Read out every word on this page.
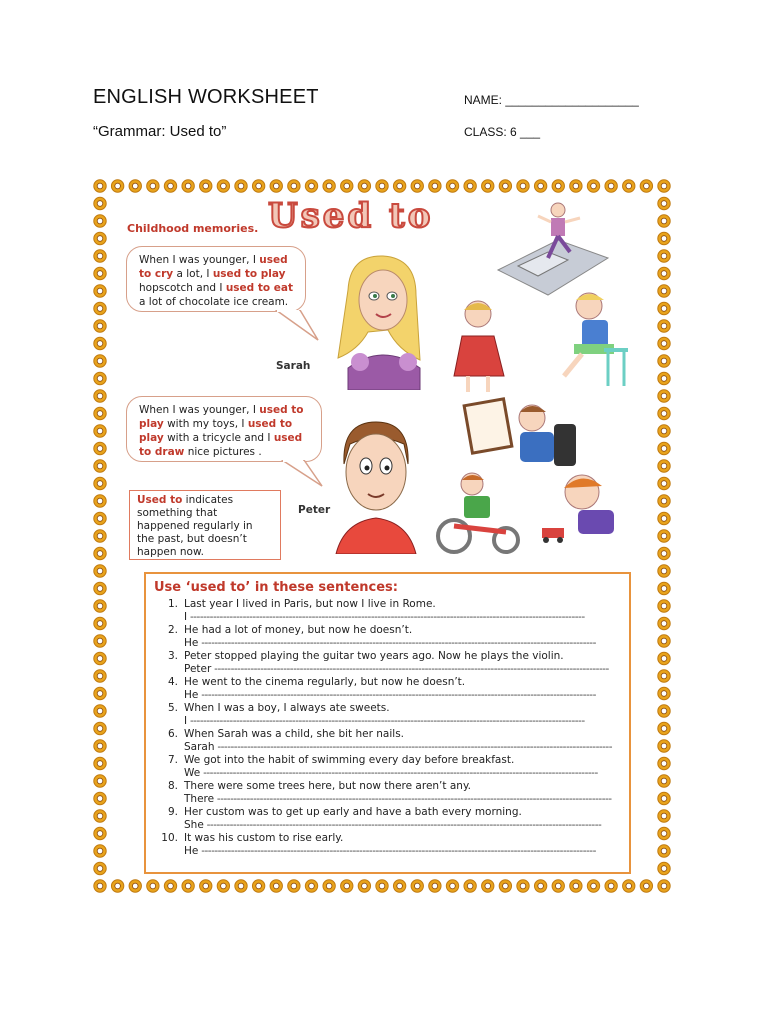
ENGLISH WORKSHEET
“Grammar: Used to”
NAME: ____________________
CLASS: 6 ___
Used to
Childhood memories.
When I was younger, I used to cry a lot, I used to play hopscotch and I used to eat a lot of chocolate ice cream.
Sarah
When I was younger, I used to play with my toys, I used to play with a tricycle and I used to draw nice pictures .
Peter
Used to indicates something that happened regularly in the past, but doesn’t happen now.
Use ‘used to’ in these sentences:
1. Last year I lived in Paris, but now I live in Rome.
I ------------------------------------------------------------------------------------------------------------------------
2. He had a lot of money, but now he doesn’t.
He ------------------------------------------------------------------------------------------------------------------------
3. Peter stopped playing the guitar two years ago. Now he plays the violin.
Peter ------------------------------------------------------------------------------------------------------------------------
4. He went to the cinema regularly, but now he doesn’t.
He ------------------------------------------------------------------------------------------------------------------------
5. When I was a boy, I always ate sweets.
I ------------------------------------------------------------------------------------------------------------------------
6. When Sarah was a child, she bit her nails.
Sarah ------------------------------------------------------------------------------------------------------------------------
7. We got into the habit of swimming every day before breakfast.
We ------------------------------------------------------------------------------------------------------------------------
8. There were some trees here, but now there aren’t any.
There ------------------------------------------------------------------------------------------------------------------------
9. Her custom was to get up early and have a bath every morning.
She ------------------------------------------------------------------------------------------------------------------------
10. It was his custom to rise early.
He ------------------------------------------------------------------------------------------------------------------------
